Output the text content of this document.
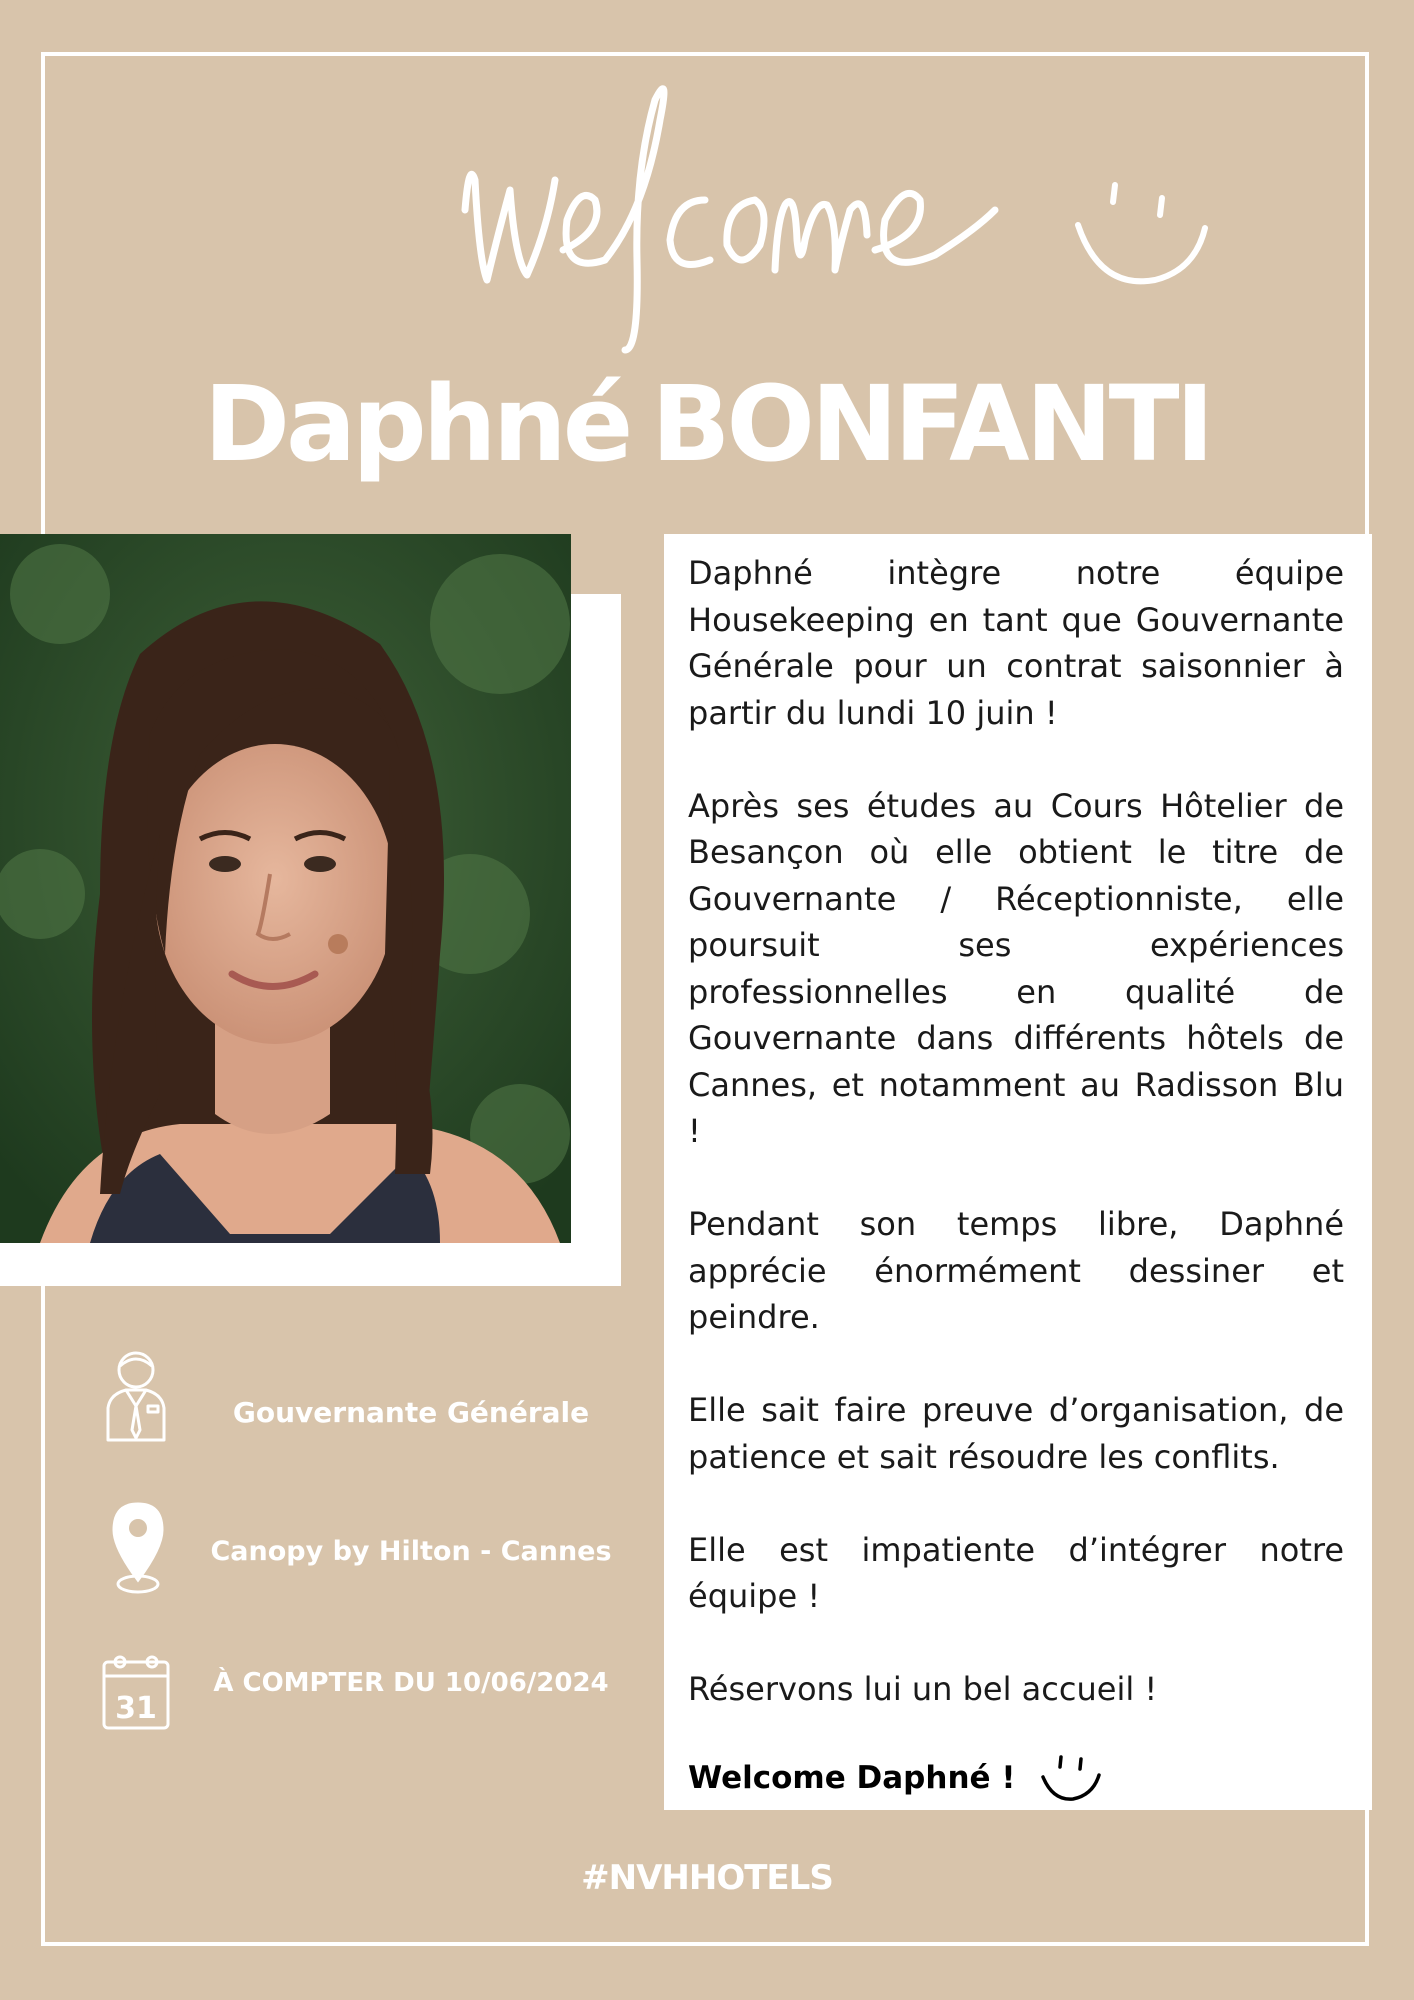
Daphné BONFANTI

Daphné intègre notre équipe Housekeeping en tant que Gouvernante Générale pour un contrat saisonnier à partir du lundi 10 juin !

Après ses études au Cours Hôtelier de Besançon où elle obtient le titre de Gouvernante / Réceptionniste, elle poursuit ses expériences professionnelles en qualité de Gouvernante dans différents hôtels de Cannes, et notamment au Radisson Blu !

Pendant son temps libre, Daphné apprécie énormément dessiner et peindre.

Elle sait faire preuve d’organisation, de patience et sait résoudre les conflits.

Elle est impatiente d’intégrer notre équipe !

Réservons lui un bel accueil !

Welcome Daphné !
Gouvernante Générale
Canopy by Hilton - Cannes
31
À COMPTER DU 10/06/2024
#NVHHOTELS
